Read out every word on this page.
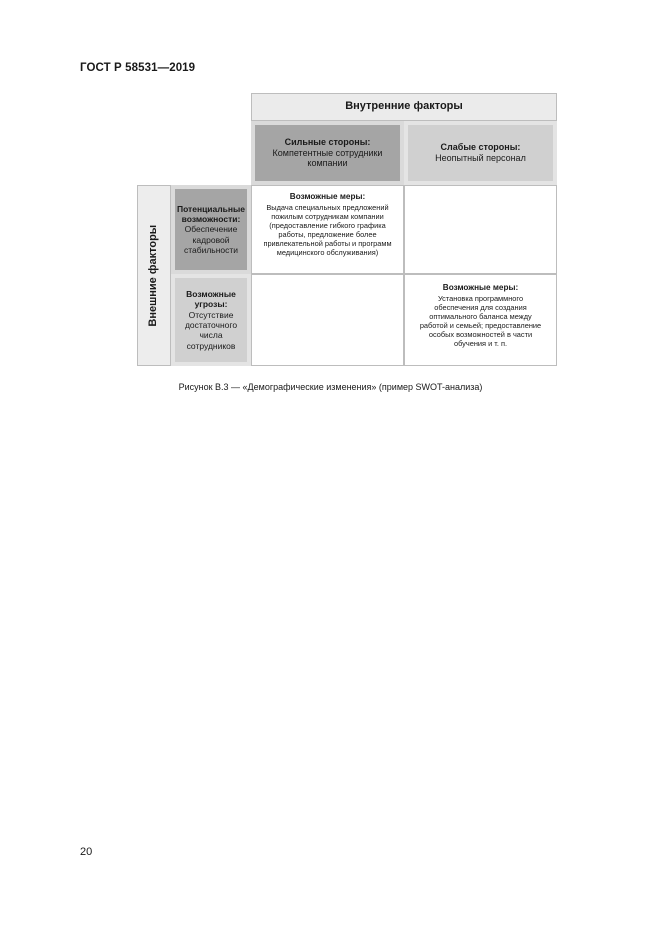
ГОСТ Р 58531—2019
Внутренние факторы
Сильные стороны:
Компетентные сотрудники
компании
Слабые стороны:
Неопытный персонал
Внешние факторы
Потенциальные
возможности:
Обеспечение
кадровой
стабильности
Возможные
угрозы:
Отсутствие
достаточного
числа
сотрудников
Возможные меры:
Выдача специальных предложений
пожилым сотрудникам компании
(предоставление гибкого графика
работы, предложение более
привлекательной работы и программ
медицинского обслуживания)
Возможные меры:
Установка программного
обеспечения для создания
оптимального баланса между
работой и семьей; предоставление
особых возможностей в части
обучения и т. п.
Рисунок В.3 — «Демографические изменения» (пример SWOT-анализа)
20
